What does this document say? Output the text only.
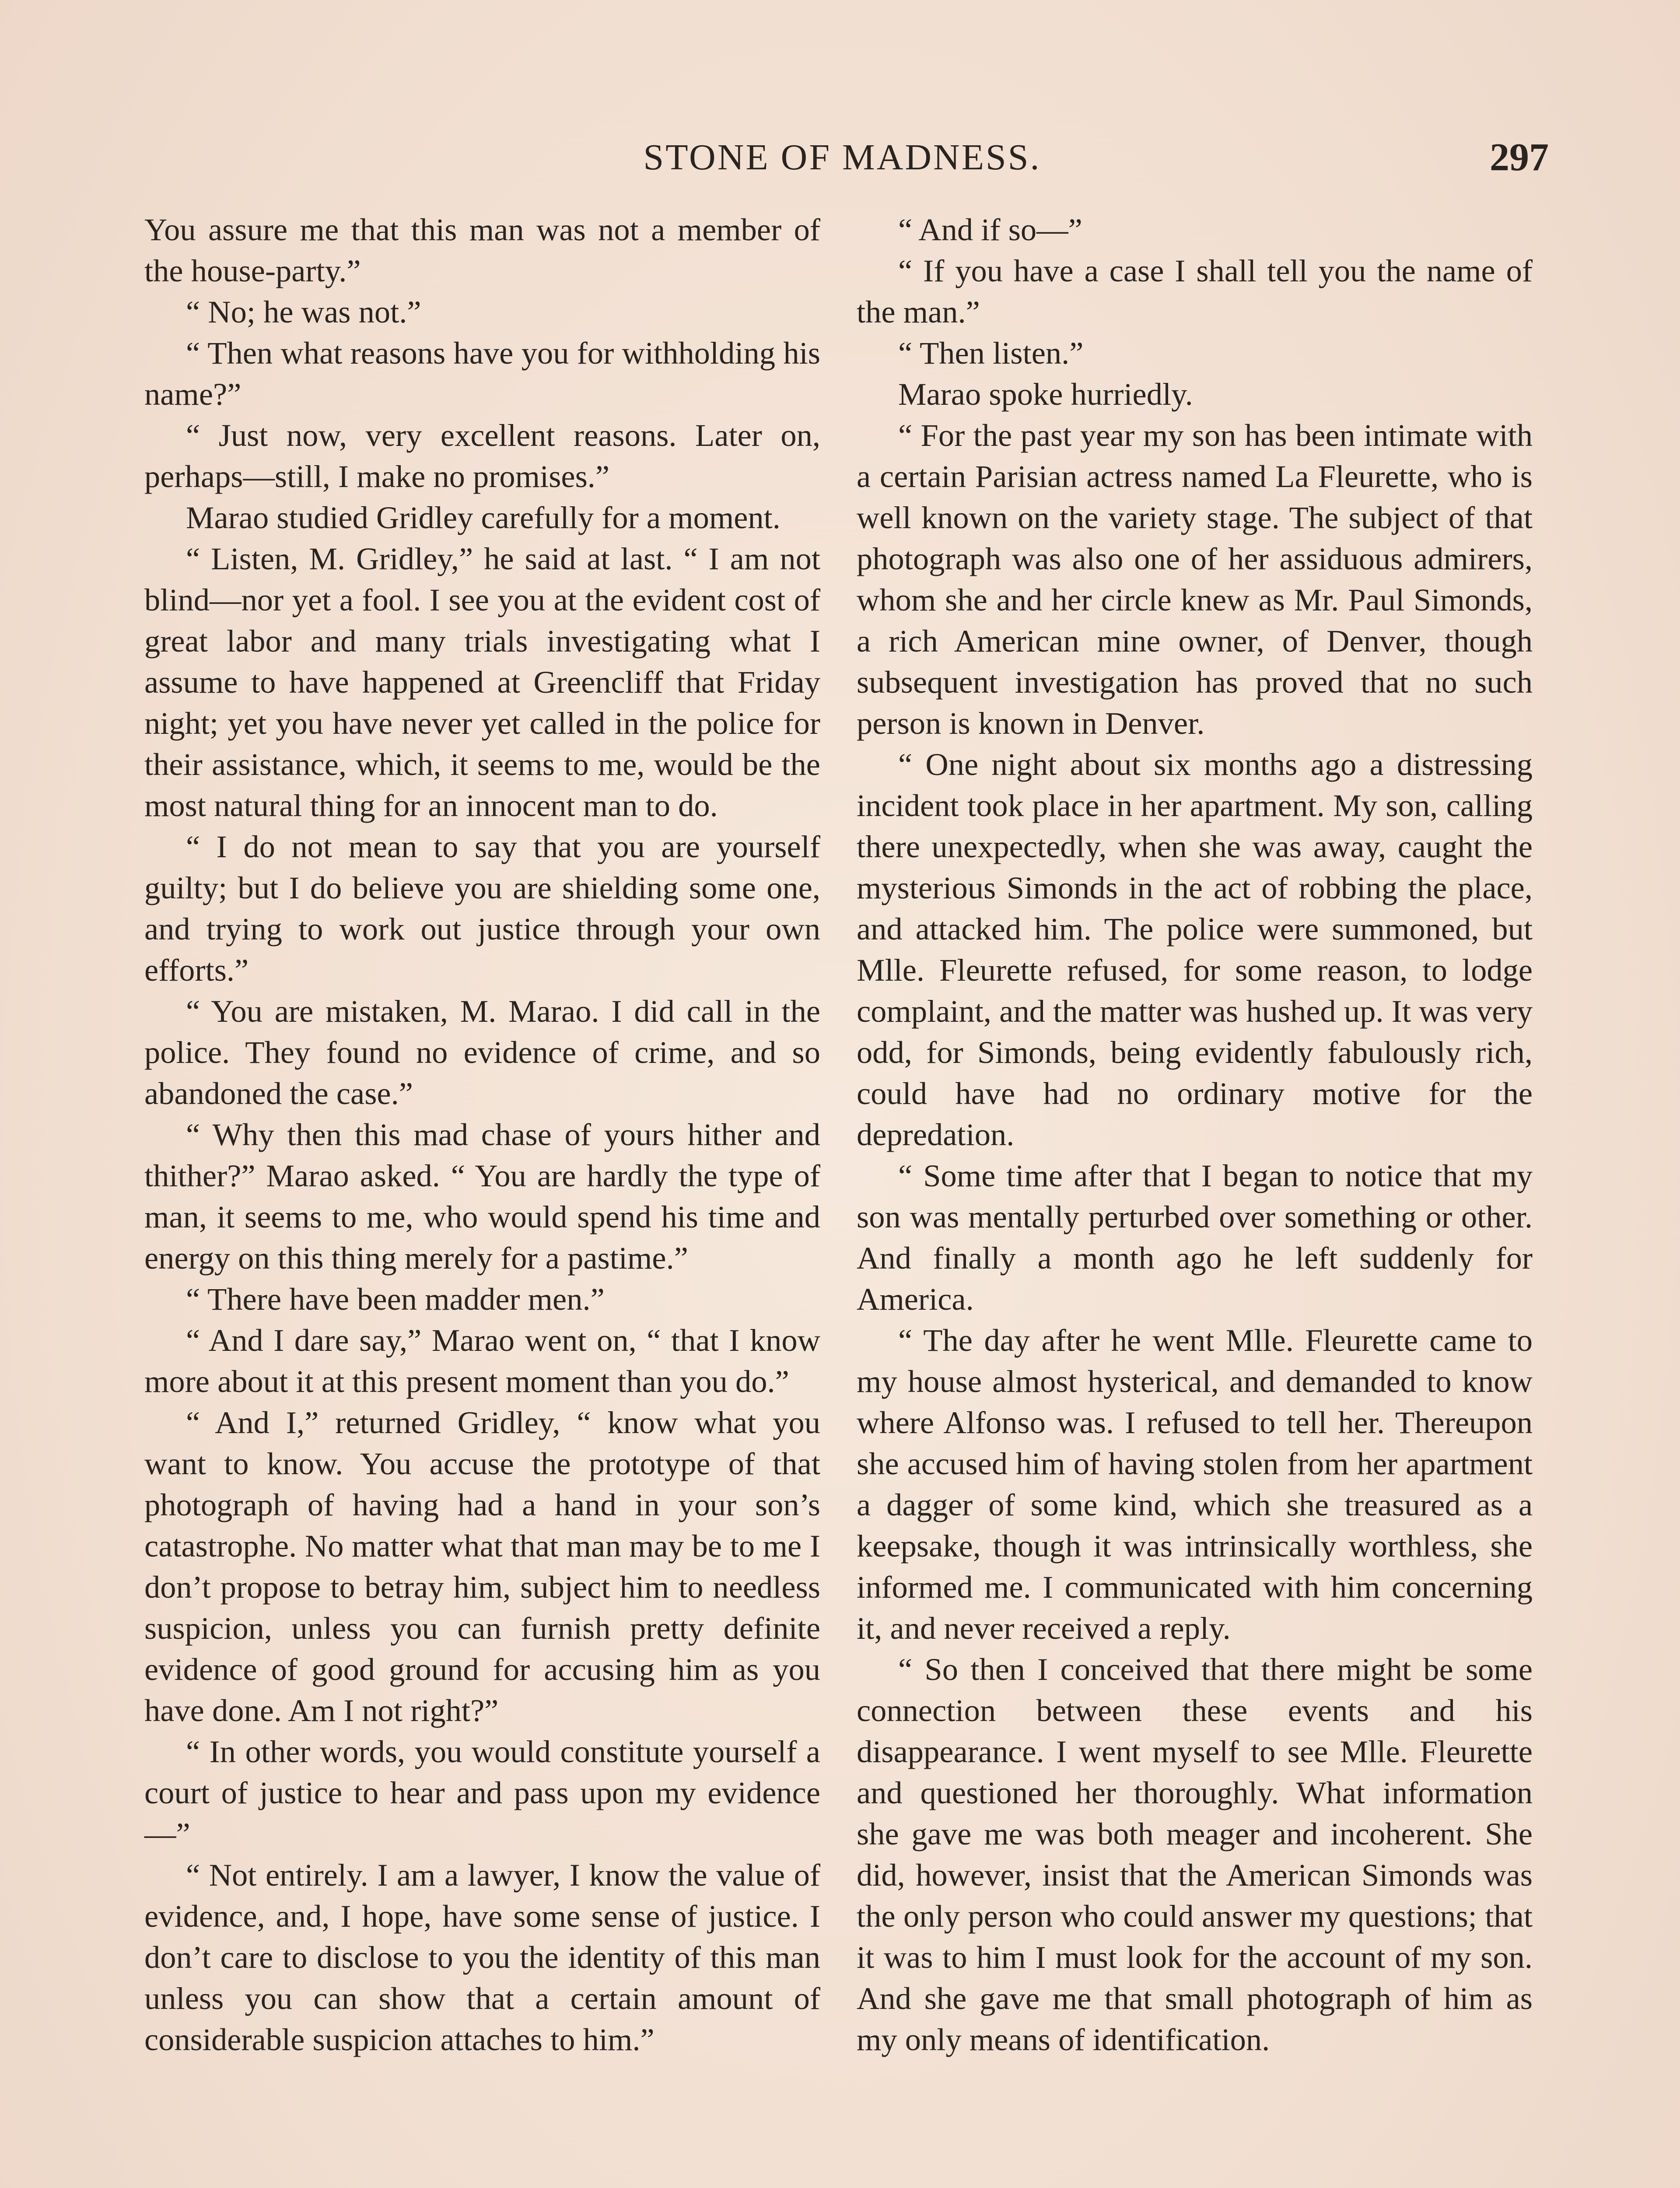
STONE OF MADNESS.	297

You assure me that this man was not a member of the house-party.”

“ No; he was not.”

“ Then what reasons have you for withholding his name?”

“ Just now, very excellent reasons. Later on, perhaps—still, I make no promises.”

Marao studied Gridley carefully for a moment.

“ Listen, M. Gridley,” he said at last. “ I am not blind—nor yet a fool. I see you at the evident cost of great labor and many trials investigating what I assume to have happened at Greencliff that Friday night; yet you have never yet called in the police for their assistance, which, it seems to me, would be the most natural thing for an innocent man to do.

“ I do not mean to say that you are yourself guilty; but I do believe you are shielding some one, and trying to work out justice through your own efforts.”

“ You are mistaken, M. Marao. I did call in the police. They found no evidence of crime, and so abandoned the case.”

“ Why then this mad chase of yours hither and thither?” Marao asked. “ You are hardly the type of man, it seems to me, who would spend his time and energy on this thing merely for a pastime.”

“ There have been madder men.”

“ And I dare say,” Marao went on, “ that I know more about it at this present moment than you do.”

“ And I,” returned Gridley, “ know what you want to know. You accuse the prototype of that photograph of having had a hand in your son’s catastrophe. No matter what that man may be to me I don’t propose to betray him, subject him to needless suspicion, unless you can furnish pretty definite evidence of good ground for accusing him as you have done. Am I not right?”

“ In other words, you would constitute yourself a court of justice to hear and pass upon my evidence—”

“ Not entirely. I am a lawyer, I know the value of evidence, and, I hope, have some sense of justice. I don’t care to disclose to you the identity of this man unless you can show that a certain amount of considerable suspicion attaches to him.”

“ And if so—”

“ If you have a case I shall tell you the name of the man.”

“ Then listen.”

Marao spoke hurriedly.

“ For the past year my son has been intimate with a certain Parisian actress named La Fleurette, who is well known on the variety stage. The subject of that photograph was also one of her assiduous admirers, whom she and her circle knew as Mr. Paul Simonds, a rich American mine owner, of Denver, though subsequent investigation has proved that no such person is known in Denver.

“ One night about six months ago a distressing incident took place in her apartment. My son, calling there unexpectedly, when she was away, caught the mysterious Simonds in the act of robbing the place, and attacked him. The police were summoned, but Mlle. Fleurette refused, for some reason, to lodge complaint, and the matter was hushed up. It was very odd, for Simonds, being evidently fabulously rich, could have had no ordinary motive for the depredation.

“ Some time after that I began to notice that my son was mentally perturbed over something or other. And finally a month ago he left suddenly for America.

“ The day after he went Mlle. Fleurette came to my house almost hysterical, and demanded to know where Alfonso was. I refused to tell her. Thereupon she accused him of having stolen from her apartment a dagger of some kind, which she treasured as a keepsake, though it was intrinsically worthless, she informed me. I communicated with him concerning it, and never received a reply.

“ So then I conceived that there might be some connection between these events and his disappearance. I went myself to see Mlle. Fleurette and questioned her thoroughly. What information she gave me was both meager and incoherent. She did, however, insist that the American Simonds was the only person who could answer my questions; that it was to him I must look for the account of my son. And she gave me that small photograph of him as my only means of identification.
